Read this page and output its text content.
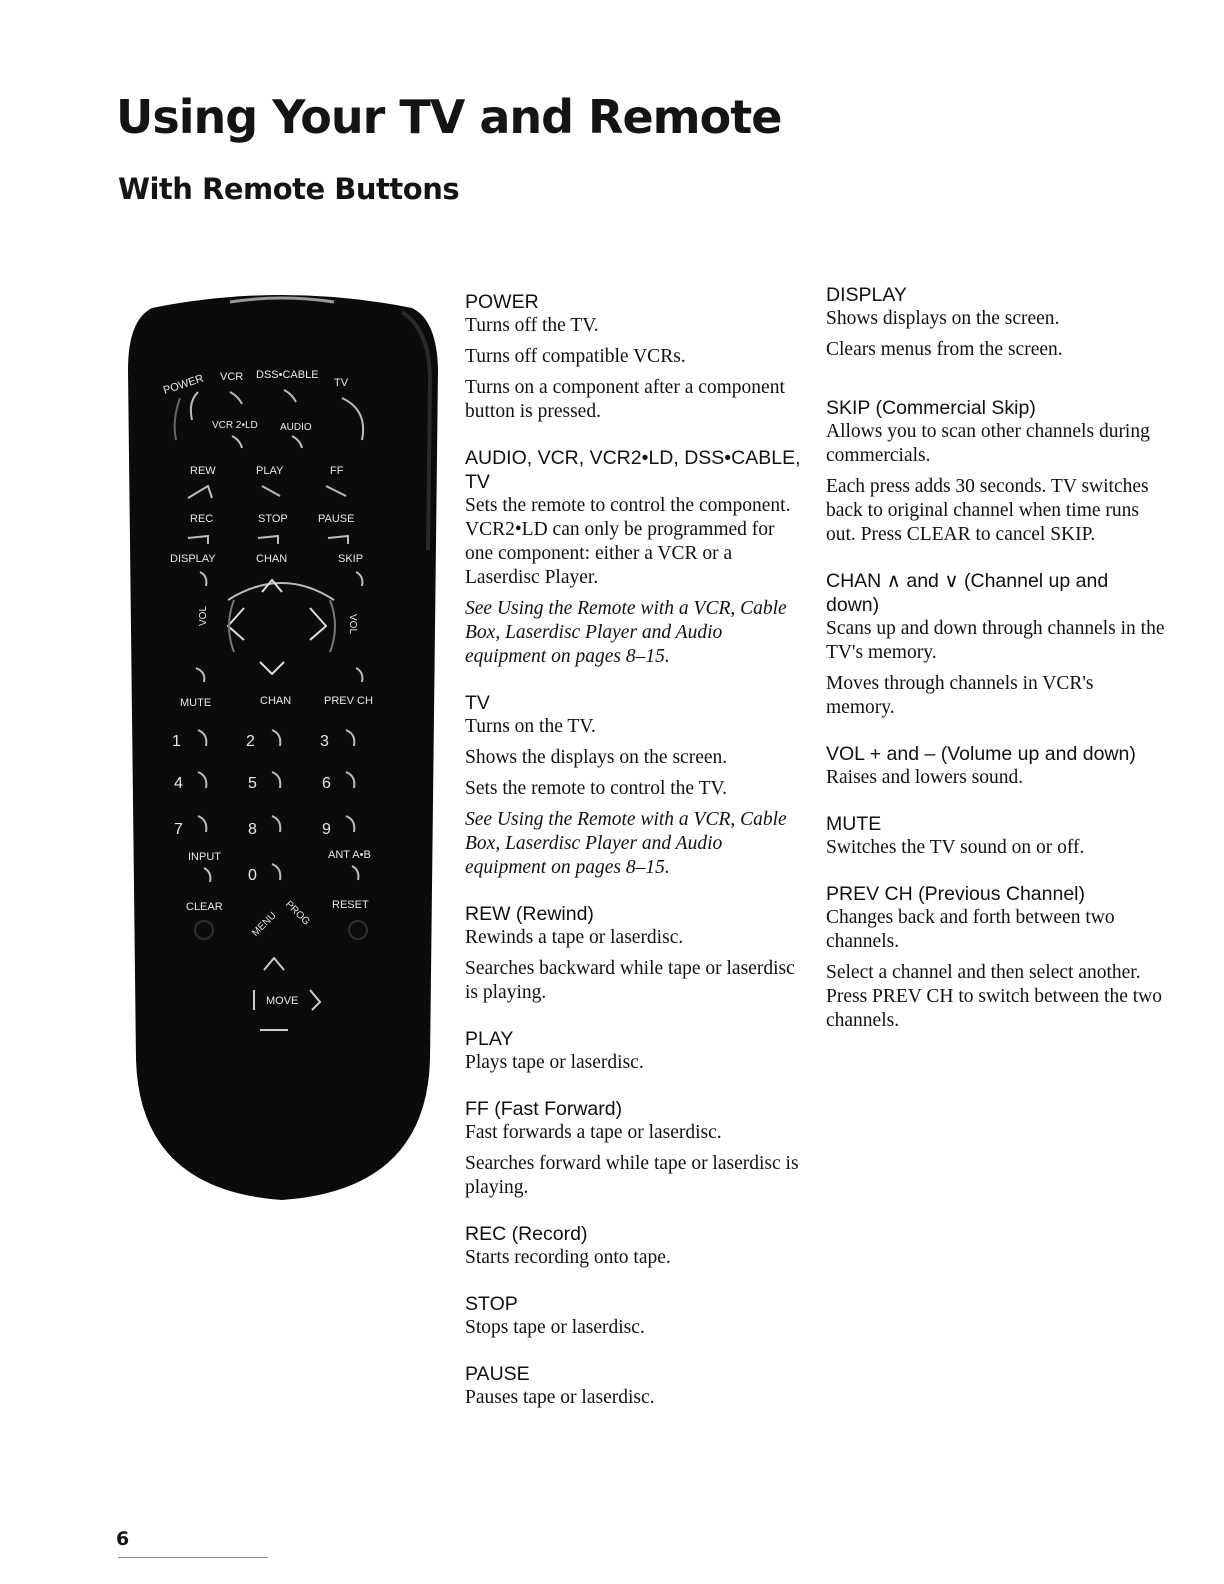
Using Your TV and Remote
With Remote Buttons
POWER VCR DSS•CABLE
TV
VCR 2•LD AUDIO
REW	PLAY	FF
REC	STOP	PAUSE
DISPLAY	CHAN	SKIP
VOL	VOL
MUTE	CHAN	PREV CH
1	2	3
4	5	6
7	8	9
INPUT	ANT A•B
0
CLEAR
MENU PROG RESET
MOVE

POWER

Turns off the TV.

Turns off compatible VCRs.

Turns on a component after a component button is pressed.

AUDIO, VCR, VCR2•LD, DSS•CABLE, TV

Sets the remote to control the component. VCR2•LD can only be programmed for one component: either a VCR or a Laserdisc Player.

See Using the Remote with a VCR, Cable Box, Laserdisc Player and Audio equipment on pages 8–15.

TV

Turns on the TV.

Shows the displays on the screen.

Sets the remote to control the TV.

See Using the Remote with a VCR, Cable Box, Laserdisc Player and Audio equipment on pages 8–15.

REW (Rewind)

Rewinds a tape or laserdisc.

Searches backward while tape or laserdisc is playing.

PLAY

Plays tape or laserdisc.

FF (Fast Forward)

Fast forwards a tape or laserdisc.

Searches forward while tape or laserdisc is playing.

REC (Record)

Starts recording onto tape.

STOP

Stops tape or laserdisc.

PAUSE

Pauses tape or laserdisc.

DISPLAY

Shows displays on the screen.

Clears menus from the screen.

SKIP (Commercial Skip)

Allows you to scan other channels during commercials.

Each press adds 30 seconds. TV switches back to original channel when time runs out. Press CLEAR to cancel SKIP.

CHAN ∧ and ∨ (Channel up and down)

Scans up and down through channels in the TV's memory.

Moves through channels in VCR's memory.

VOL + and – (Volume up and down)

Raises and lowers sound.

MUTE

Switches the TV sound on or off.

PREV CH (Previous Channel)

Changes back and forth between two channels.

Select a channel and then select another. Press PREV CH to switch between the two channels.

6
